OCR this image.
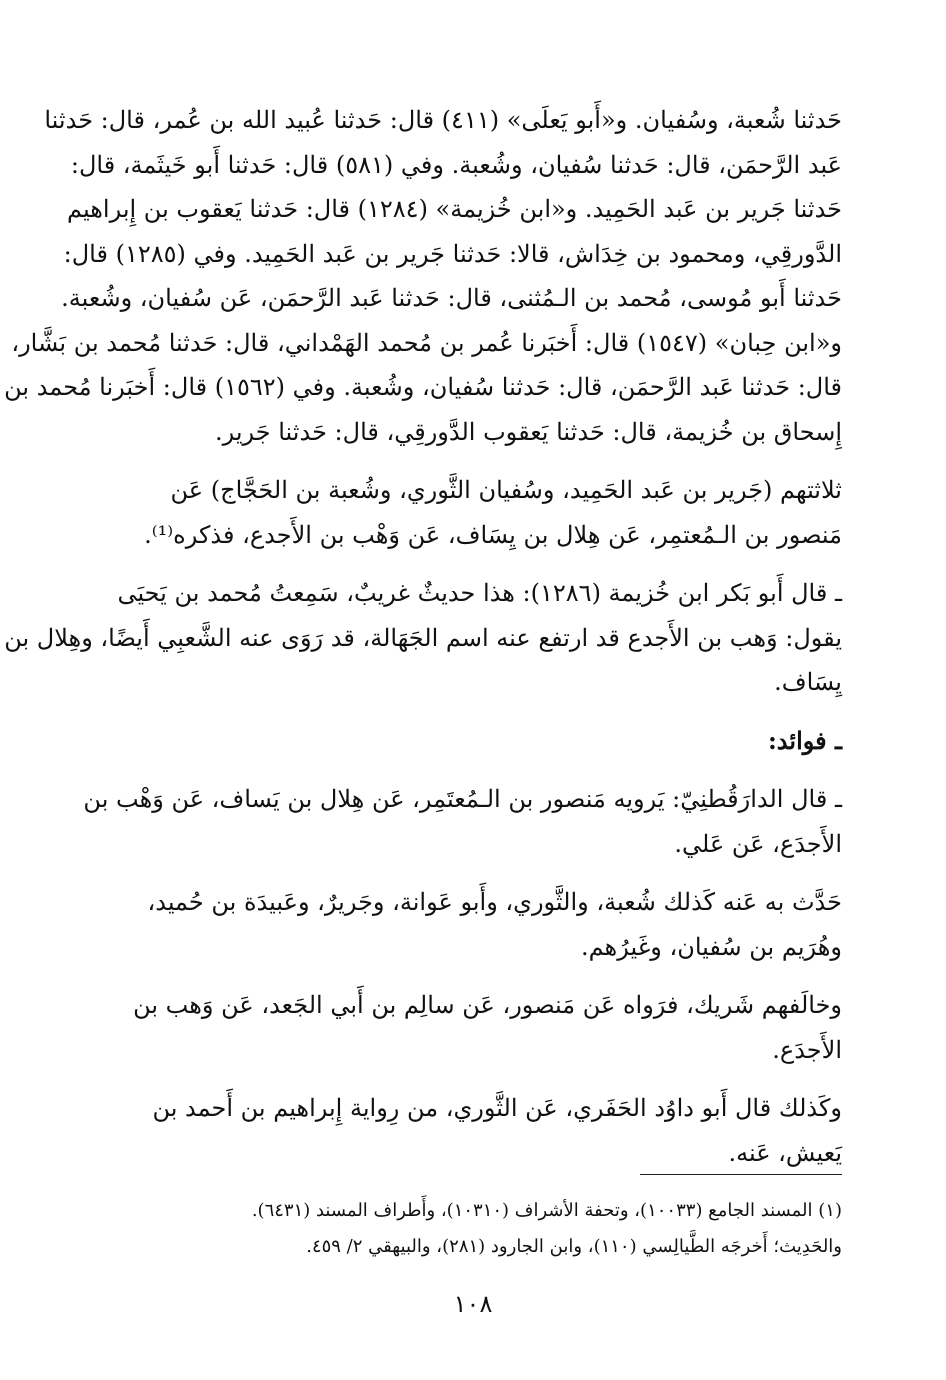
حَدثنا شُعبة، وسُفيان. و«أَبو يَعلَى» (٤١١) قال: حَدثنا عُبيد الله بن عُمر، قال: حَدثنا
عَبد الرَّحمَن، قال: حَدثنا سُفيان، وشُعبة. وفي (٥٨١) قال: حَدثنا أَبو خَيثَمة، قال:
حَدثنا جَرير بن عَبد الحَمِيد. و«ابن خُزيمة» (١٢٨٤) قال: حَدثنا يَعقوب بن إِبراهيم
الدَّورقِي، ومحمود بن خِدَاش، قالا: حَدثنا جَرير بن عَبد الحَمِيد. وفي (١٢٨٥) قال:
حَدثنا أَبو مُوسى، مُحمد بن الـمُثنى، قال: حَدثنا عَبد الرَّحمَن، عَن سُفيان، وشُعبة.
و«ابن حِبان» (١٥٤٧) قال: أَخبَرنا عُمر بن مُحمد الهَمْداني، قال: حَدثنا مُحمد بن بَشَّار،
قال: حَدثنا عَبد الرَّحمَن، قال: حَدثنا سُفيان، وشُعبة. وفي (١٥٦٢) قال: أَخبَرنا مُحمد بن
إِسحاق بن خُزيمة، قال: حَدثنا يَعقوب الدَّورقِي، قال: حَدثنا جَرير.
ثلاثتهم (جَرير بن عَبد الحَمِيد، وسُفيان الثَّوري، وشُعبة بن الحَجَّاج) عَن
مَنصور بن الـمُعتمِر، عَن هِلال بن يِسَاف، عَن وَهْب بن الأَجدع، فذكره⁽¹⁾.
ـ قال أَبو بَكر ابن خُزيمة (١٢٨٦): هذا حديثٌ غريبٌ، سَمِعتُ مُحمد بن يَحيَى
يقول: وَهب بن الأَجدع قد ارتفع عنه اسم الجَهَالة، قد رَوَى عنه الشَّعبِي أَيضًا، وهِلال بن
يِسَاف.
ـ فوائد:
ـ قال الدارَقُطنِيّ: يَرويه مَنصور بن الـمُعتَمِر، عَن هِلال بن يَساف، عَن وَهْب بن
الأَجدَع، عَن عَلي.
حَدَّث به عَنه كَذلك شُعبة، والثَّوري، وأَبو عَوانة، وجَريرٌ، وعَبيدَة بن حُميد،
وهُرَيم بن سُفيان، وغَيرُهم.
وخالَفهم شَريك، فرَواه عَن مَنصور، عَن سالِم بن أَبي الجَعد، عَن وَهب بن
الأَجدَع.
وكَذلك قال أَبو داوُد الحَفَري، عَن الثَّوري، من رِواية إِبراهيم بن أَحمد بن
يَعيش، عَنه.
(١) المسند الجامع (١٠٠٣٣)، وتحفة الأشراف (١٠٣١٠)، وأَطراف المسند (٦٤٣١).
والحَدِيث؛ أَخرجَه الطَّيالِسي (١١٠)، وابن الجارود (٢٨١)، والبيهقي ٢/ ٤٥٩.
١٠٨
